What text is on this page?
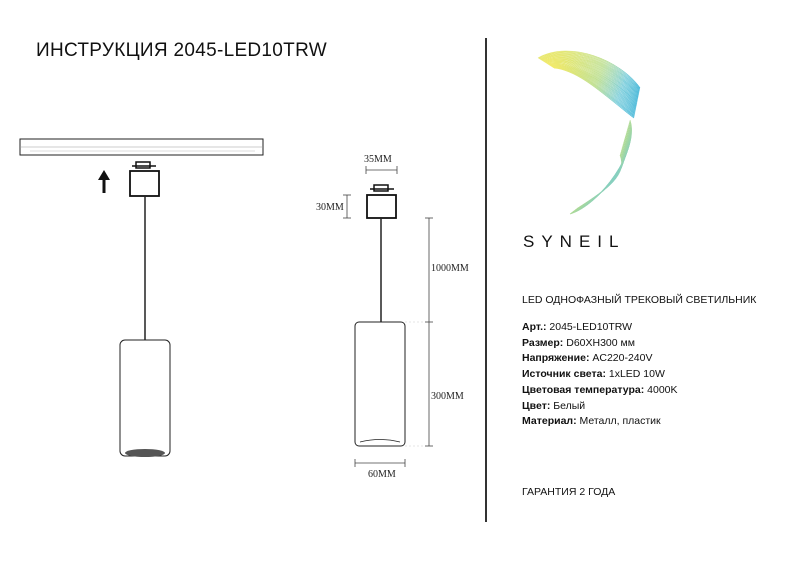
ИНСТРУКЦИЯ 2045-LED10TRW
35MM
30MM
1000MM
300MM
60MM
SYNEIL
LED ОДНОФАЗНЫЙ ТРЕКОВЫЙ СВЕТИЛЬНИК
Арт.: 2045-LED10TRW
Размер: D60XH300 мм
Напряжение: AC220-240V
Источник света: 1xLED 10W
Цветовая температура: 4000K
Цвет: Белый
Материал: Металл, пластик
ГАРАНТИЯ 2 ГОДА
